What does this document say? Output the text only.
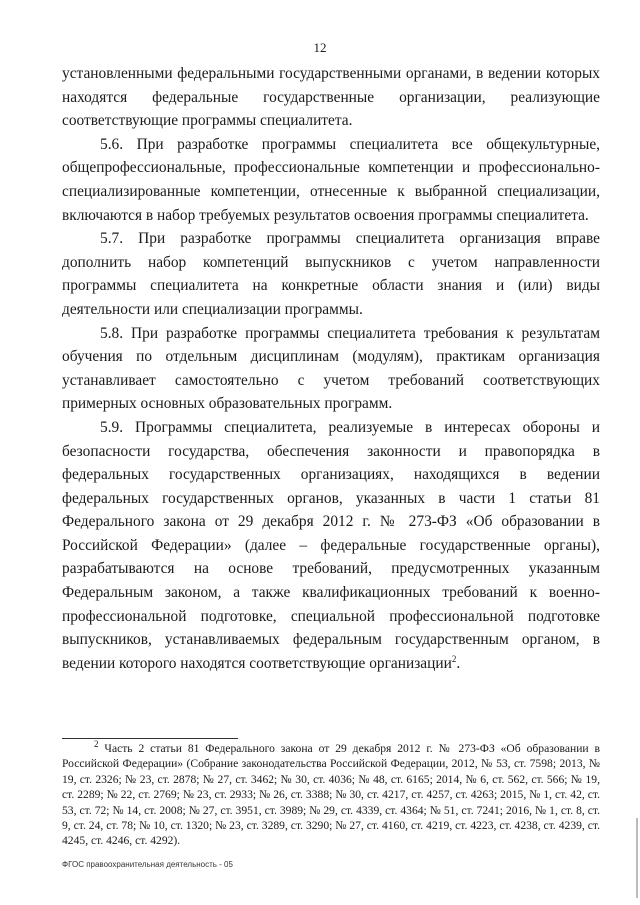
12

установленными федеральными государственными органами, в ведении которых находятся федеральные государственные организации, реализующие соответствующие программы специалитета.

5.6. При разработке программы специалитета все общекультурные, общепрофессиональные, профессиональные компетенции и профессионально-специализированные компетенции, отнесенные к выбранной специализации, включаются в набор требуемых результатов освоения программы специалитета.

5.7. При разработке программы специалитета организация вправе дополнить набор компетенций выпускников с учетом направленности программы специалитета на конкретные области знания и (или) виды деятельности или специализации программы.

5.8. При разработке программы специалитета требования к результатам обучения по отдельным дисциплинам (модулям), практикам организация устанавливает самостоятельно с учетом требований соответствующих примерных основных образовательных программ.

5.9. Программы специалитета, реализуемые в интересах обороны и безопасности государства, обеспечения законности и правопорядка в федеральных государственных организациях, находящихся в ведении федеральных государственных органов, указанных в части 1 статьи 81 Федерального закона от 29 декабря 2012 г. № 273-ФЗ «Об образовании в Российской Федерации» (далее – федеральные государственные органы), разрабатываются на основе требований, предусмотренных указанным Федеральным законом, а также квалификационных требований к военно-профессиональной подготовке, специальной профессиональной подготовке выпускников, устанавливаемых федеральным государственным органом, в ведении которого находятся соответствующие организации$^2$.

$^2$ Часть 2 статьи 81 Федерального закона от 29 декабря 2012 г. № 273-ФЗ «Об образовании в Российской Федерации» (Собрание законодательства Российской Федерации, 2012, № 53, ст. 7598; 2013, № 19, ст. 2326; № 23, ст. 2878; № 27, ст. 3462; № 30, ст. 4036; № 48, ст. 6165; 2014, № 6, ст. 562, ст. 566; № 19, ст. 2289; № 22, ст. 2769; № 23, ст. 2933; № 26, ст. 3388; № 30, ст. 4217, ст. 4257, ст. 4263; 2015, № 1, ст. 42, ст. 53, ст. 72; № 14, ст. 2008; № 27, ст. 3951, ст. 3989; № 29, ст. 4339, ст. 4364; № 51, ст. 7241; 2016, № 1, ст. 8, ст. 9, ст. 24, ст. 78; № 10, ст. 1320; № 23, ст. 3289, ст. 3290; № 27, ст. 4160, ст. 4219, ст. 4223, ст. 4238, ст. 4239, ст. 4245, ст. 4246, ст. 4292).

ФГОС правоохранительная деятельность - 05
